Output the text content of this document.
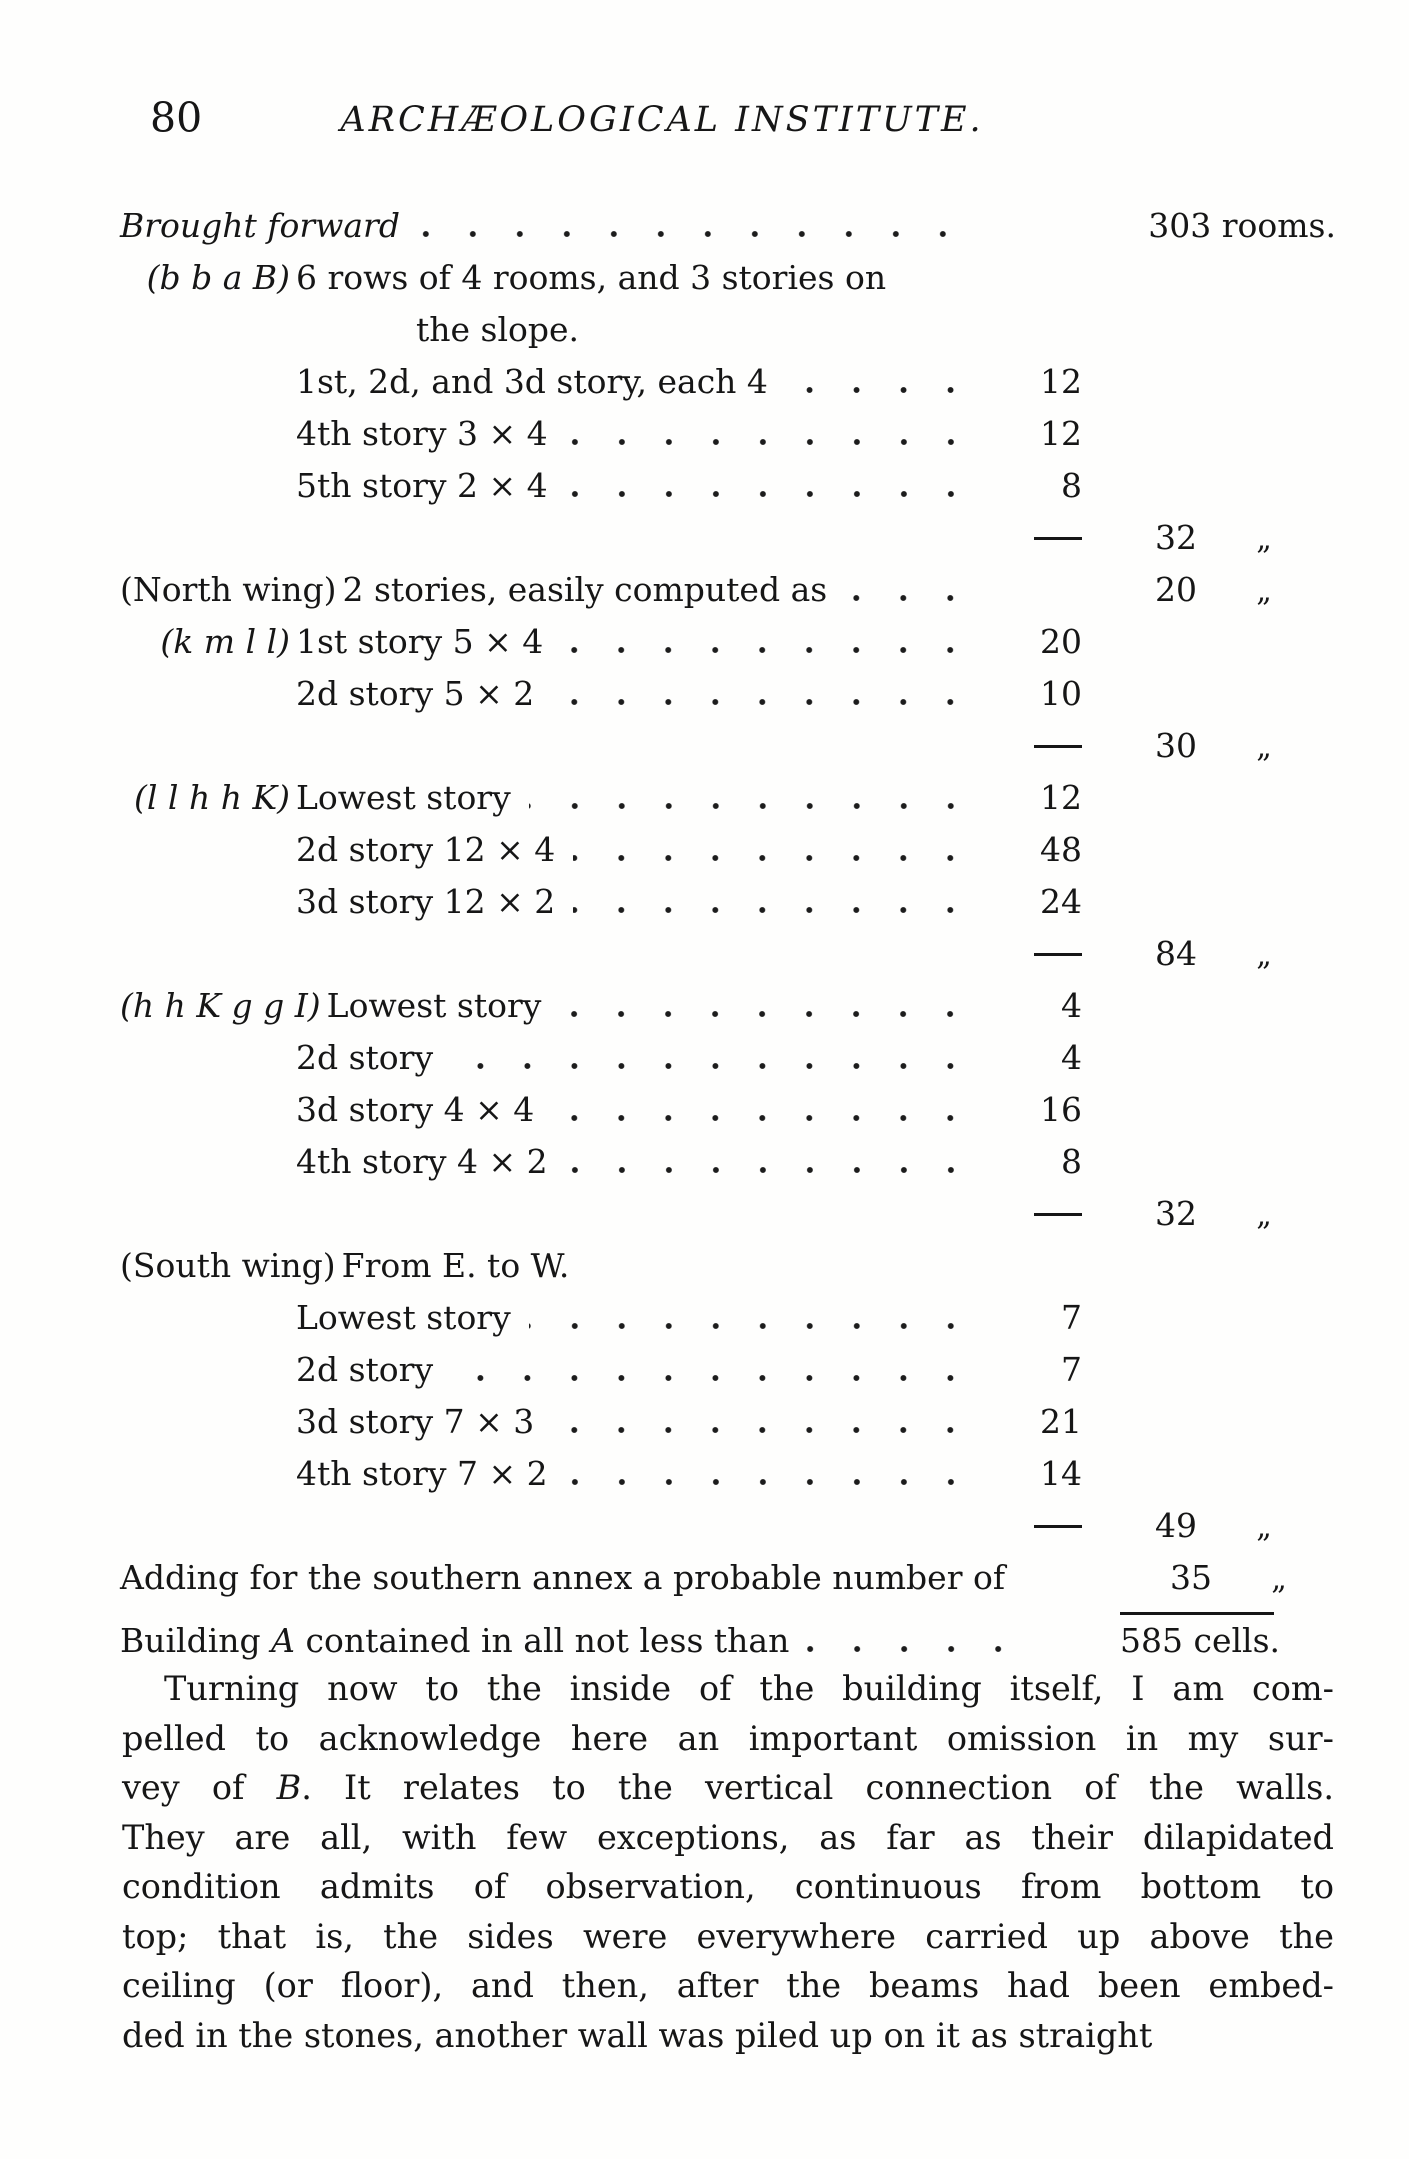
80	ARCHÆOLOGICAL INSTITUTE.
Brought forward	303 rooms.
(b b a B) 6 rows of 4 rooms, and 3 stories on
the slope.
1st, 2d, and 3d story, each 4	12
4th story 3 × 4	12
5th story 2 × 4	8
32 „
(North wing) 2 stories, easily computed as	20 „
(k m l l) 1st story 5 × 4	20
2d story 5 × 2	10
30 „
(l l h h K) Lowest story	12
2d story 12 × 4	48
3d story 12 × 2	24
84 „
(h h K g g I) Lowest story	4
2d story	4
3d story 4 × 4	16
4th story 4 × 2	8
32 „
(South wing) From E. to W.
Lowest story	7
2d story	7
3d story 7 × 3	21
4th story 7 × 2	14
49 „
Adding for the southern annex a probable number of	35 „
Building A contained in all not less than	585 cells.
Turning now to the inside of the building itself, I am com-
pelled to acknowledge here an important omission in my sur-
vey of B. It relates to the vertical connection of the walls.
They are all, with few exceptions, as far as their dilapidated
condition admits of observation, continuous from bottom to
top; that is, the sides were everywhere carried up above the
ceiling (or floor), and then, after the beams had been embed-
ded in the stones, another wall was piled up on it as straight
